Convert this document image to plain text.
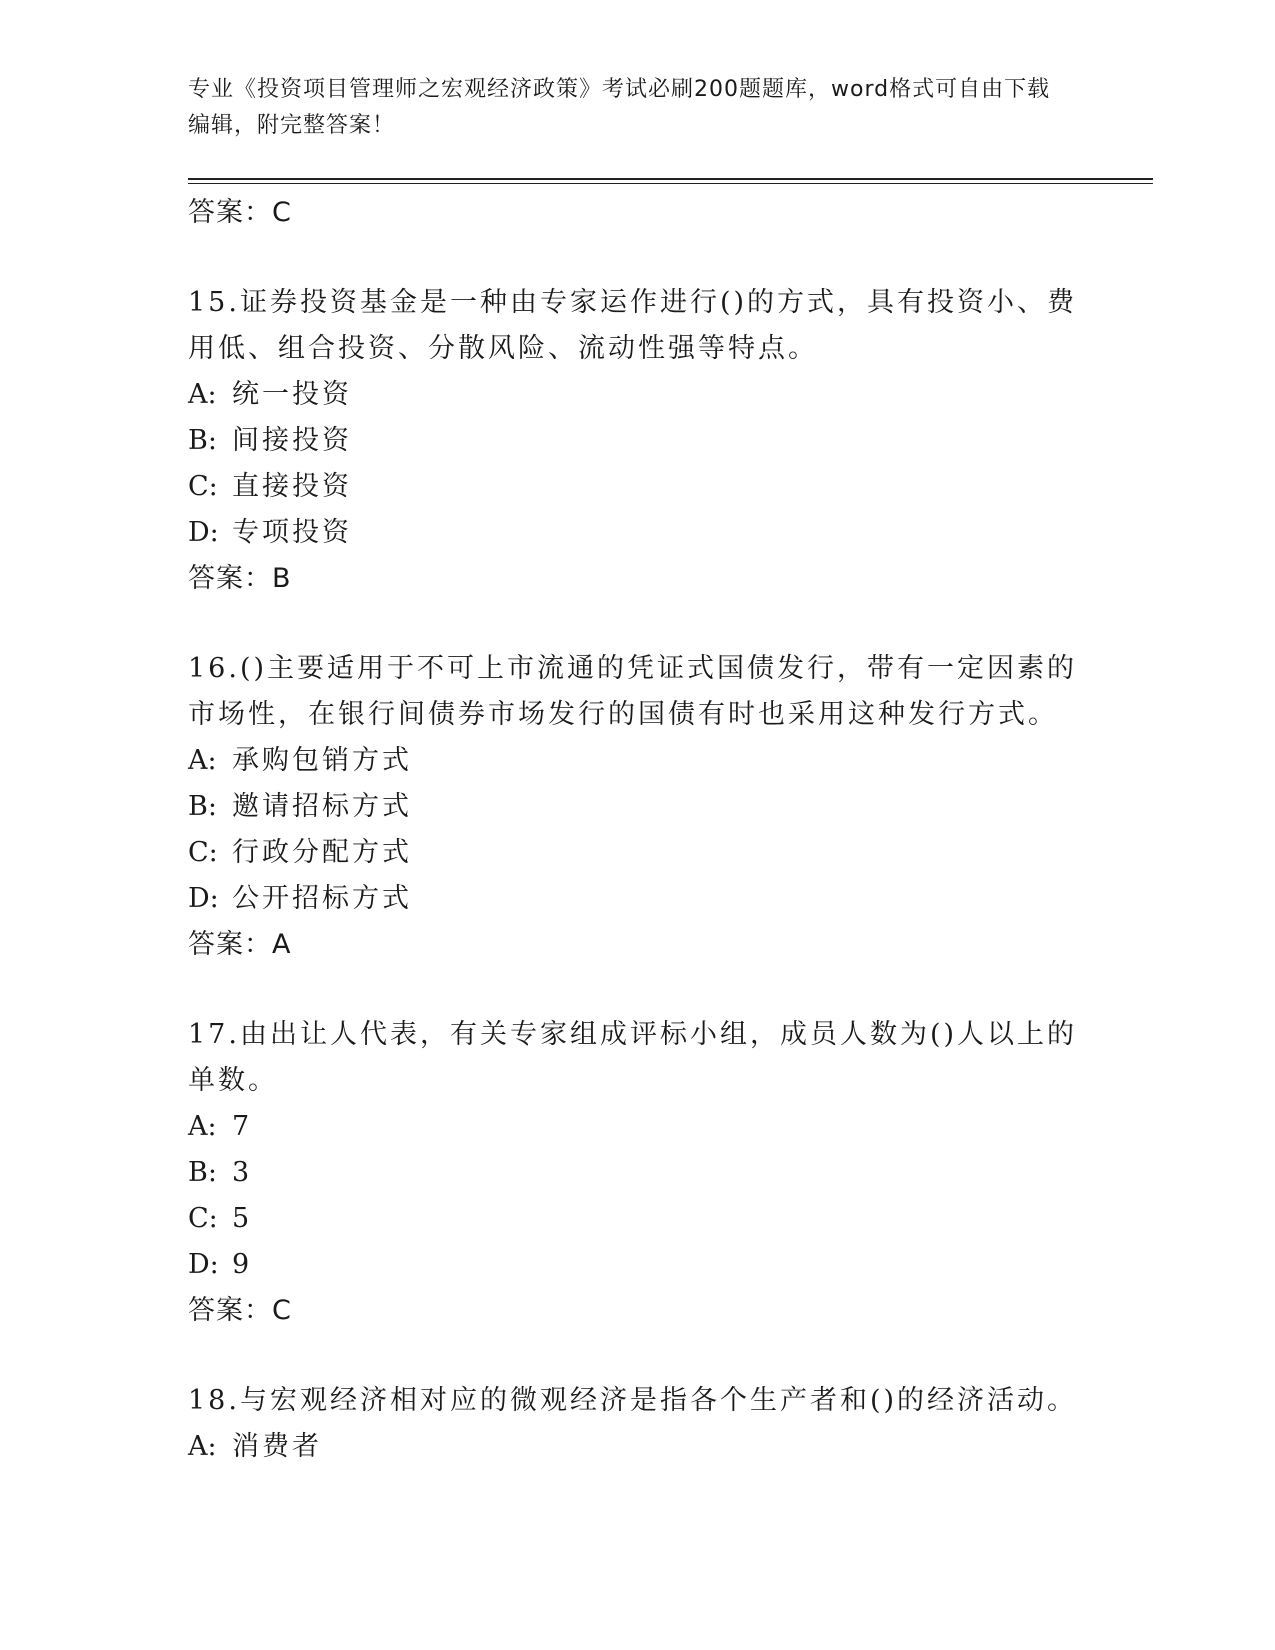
专业《投资项目管理师之宏观经济政策》考试必刷200题题库，word格式可自由下载编辑，附完整答案！
答案：C
15.证券投资基金是一种由专家运作进行()的方式，具有投资小、费用低、组合投资、分散风险、流动性强等特点。
A: 统一投资
B: 间接投资
C: 直接投资
D: 专项投资
答案：B
16.()主要适用于不可上市流通的凭证式国债发行，带有一定因素的市场性，在银行间债券市场发行的国债有时也采用这种发行方式。
A: 承购包销方式
B: 邀请招标方式
C: 行政分配方式
D: 公开招标方式
答案：A
17.由出让人代表，有关专家组成评标小组，成员人数为()人以上的单数。
A: 7
B: 3
C: 5
D: 9
答案：C
18.与宏观经济相对应的微观经济是指各个生产者和()的经济活动。
A: 消费者
